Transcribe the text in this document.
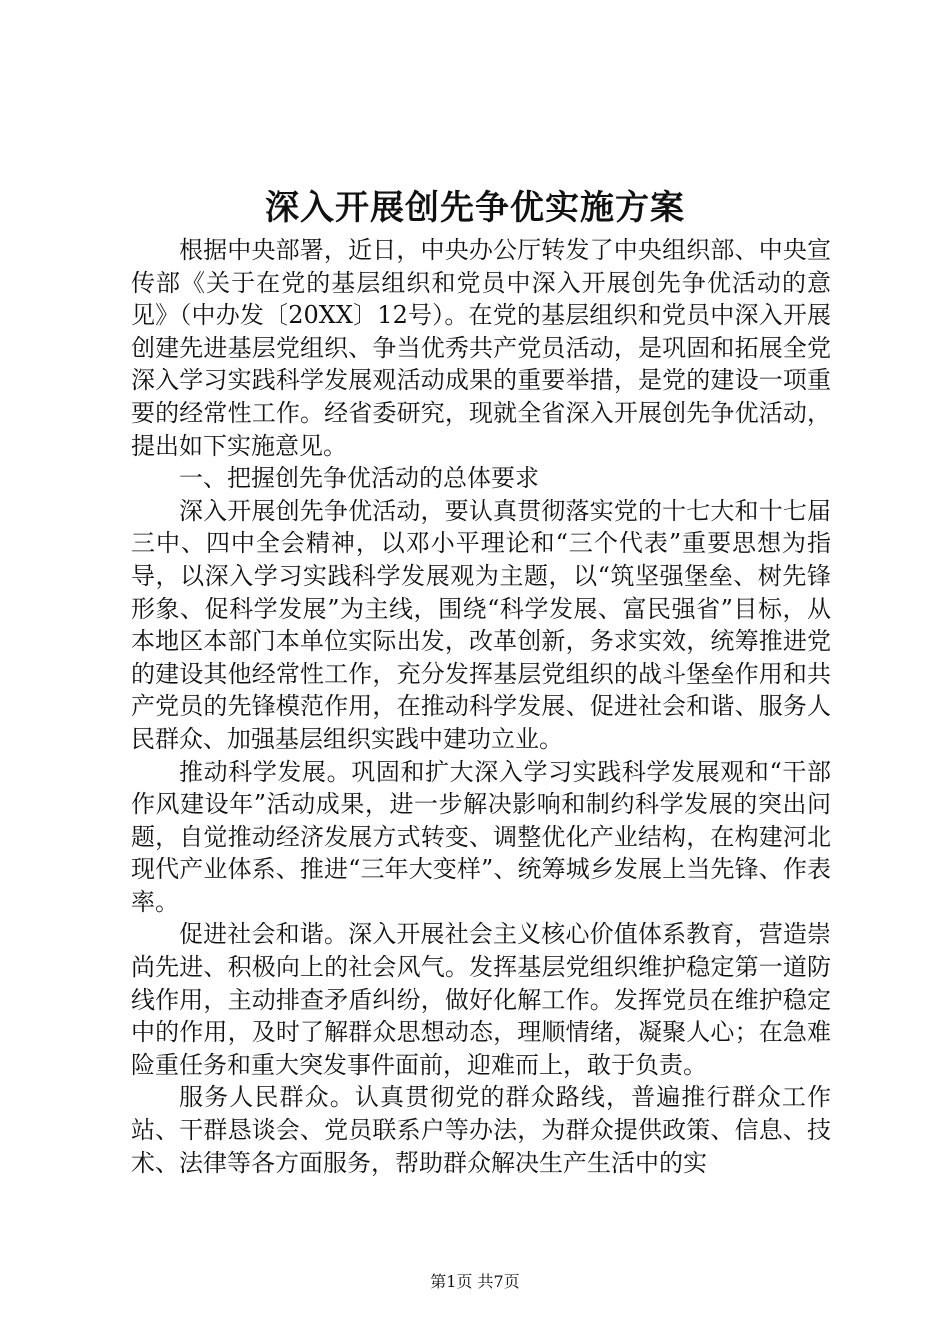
深入开展创先争优实施方案

根据中央部署，近日，中央办公厅转发了中央组织部、中央宣传部《关于在党的基层组织和党员中深入开展创先争优活动的意见》（中办发〔20XX〕12号）。在党的基层组织和党员中深入开展创建先进基层党组织、争当优秀共产党员活动，是巩固和拓展全党深入学习实践科学发展观活动成果的重要举措，是党的建设一项重要的经常性工作。经省委研究，现就全省深入开展创先争优活动，提出如下实施意见。

一、把握创先争优活动的总体要求

深入开展创先争优活动，要认真贯彻落实党的十七大和十七届三中、四中全会精神，以邓小平理论和“三个代表”重要思想为指导，以深入学习实践科学发展观为主题，以“筑坚强堡垒、树先锋形象、促科学发展”为主线，围绕“科学发展、富民强省”目标，从本地区本部门本单位实际出发，改革创新，务求实效，统筹推进党的建设其他经常性工作，充分发挥基层党组织的战斗堡垒作用和共产党员的先锋模范作用，在推动科学发展、促进社会和谐、服务人民群众、加强基层组织实践中建功立业。

推动科学发展。巩固和扩大深入学习实践科学发展观和“干部作风建设年”活动成果，进一步解决影响和制约科学发展的突出问题，自觉推动经济发展方式转变、调整优化产业结构，在构建河北现代产业体系、推进“三年大变样”、统筹城乡发展上当先锋、作表率。

促进社会和谐。深入开展社会主义核心价值体系教育，营造崇尚先进、积极向上的社会风气。发挥基层党组织维护稳定第一道防线作用，主动排查矛盾纠纷，做好化解工作。发挥党员在维护稳定中的作用，及时了解群众思想动态，理顺情绪，凝聚人心；在急难险重任务和重大突发事件面前，迎难而上，敢于负责。

服务人民群众。认真贯彻党的群众路线，普遍推行群众工作站、干群恳谈会、党员联系户等办法，为群众提供政策、信息、技术、法律等各方面服务，帮助群众解决生产生活中的实

第1页 共7页
